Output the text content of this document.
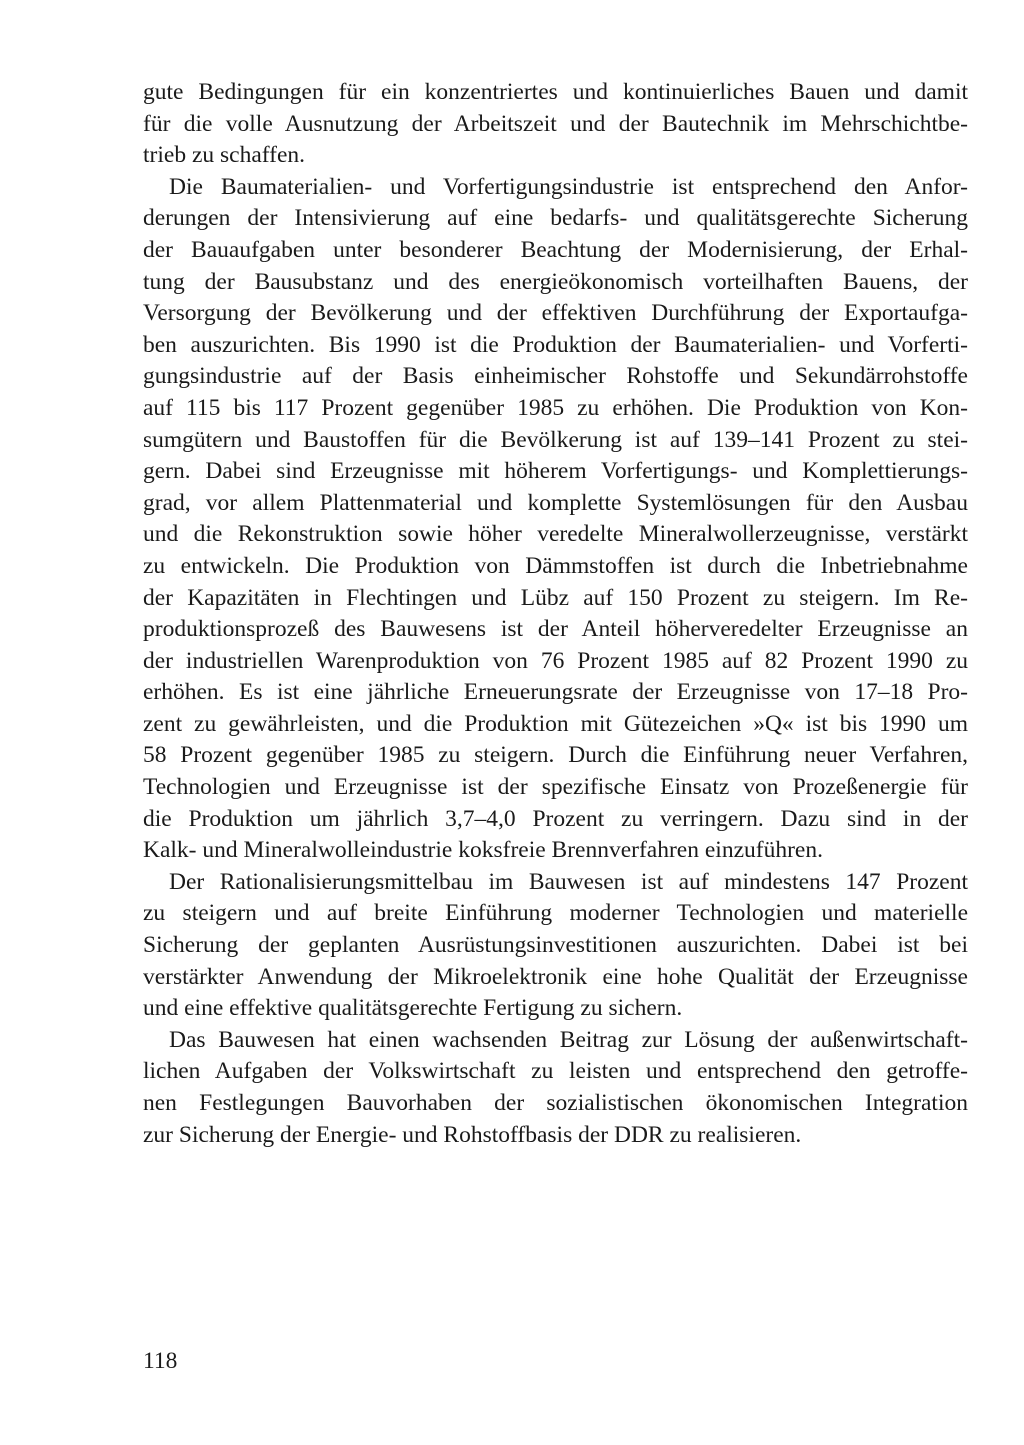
gute Bedingungen für ein konzentriertes und kontinuierliches Bauen und damit
für die volle Ausnutzung der Arbeitszeit und der Bautechnik im Mehrschichtbe-
trieb zu schaffen.
Die Baumaterialien- und Vorfertigungsindustrie ist entsprechend den Anfor-
derungen der Intensivierung auf eine bedarfs- und qualitätsgerechte Sicherung
der Bauaufgaben unter besonderer Beachtung der Modernisierung, der Erhal-
tung der Bausubstanz und des energieökonomisch vorteilhaften Bauens, der
Versorgung der Bevölkerung und der effektiven Durchführung der Exportaufga-
ben auszurichten. Bis 1990 ist die Produktion der Baumaterialien- und Vorferti-
gungsindustrie auf der Basis einheimischer Rohstoffe und Sekundärrohstoffe
auf 115 bis 117 Prozent gegenüber 1985 zu erhöhen. Die Produktion von Kon-
sumgütern und Baustoffen für die Bevölkerung ist auf 139–141 Prozent zu stei-
gern. Dabei sind Erzeugnisse mit höherem Vorfertigungs- und Komplettierungs-
grad, vor allem Plattenmaterial und komplette Systemlösungen für den Ausbau
und die Rekonstruktion sowie höher veredelte Mineralwollerzeugnisse, verstärkt
zu entwickeln. Die Produktion von Dämmstoffen ist durch die Inbetriebnahme
der Kapazitäten in Flechtingen und Lübz auf 150 Prozent zu steigern. Im Re-
produktionsprozeß des Bauwesens ist der Anteil höherveredelter Erzeugnisse an
der industriellen Warenproduktion von 76 Prozent 1985 auf 82 Prozent 1990 zu
erhöhen. Es ist eine jährliche Erneuerungsrate der Erzeugnisse von 17–18 Pro-
zent zu gewährleisten, und die Produktion mit Gütezeichen »Q« ist bis 1990 um
58 Prozent gegenüber 1985 zu steigern. Durch die Einführung neuer Verfahren,
Technologien und Erzeugnisse ist der spezifische Einsatz von Prozeßenergie für
die Produktion um jährlich 3,7–4,0 Prozent zu verringern. Dazu sind in der
Kalk- und Mineralwolleindustrie koksfreie Brennverfahren einzuführen.
Der Rationalisierungsmittelbau im Bauwesen ist auf mindestens 147 Prozent
zu steigern und auf breite Einführung moderner Technologien und materielle
Sicherung der geplanten Ausrüstungsinvestitionen auszurichten. Dabei ist bei
verstärkter Anwendung der Mikroelektronik eine hohe Qualität der Erzeugnisse
und eine effektive qualitätsgerechte Fertigung zu sichern.
Das Bauwesen hat einen wachsenden Beitrag zur Lösung der außenwirtschaft-
lichen Aufgaben der Volkswirtschaft zu leisten und entsprechend den getroffe-
nen Festlegungen Bauvorhaben der sozialistischen ökonomischen Integration
zur Sicherung der Energie- und Rohstoffbasis der DDR zu realisieren.
118
